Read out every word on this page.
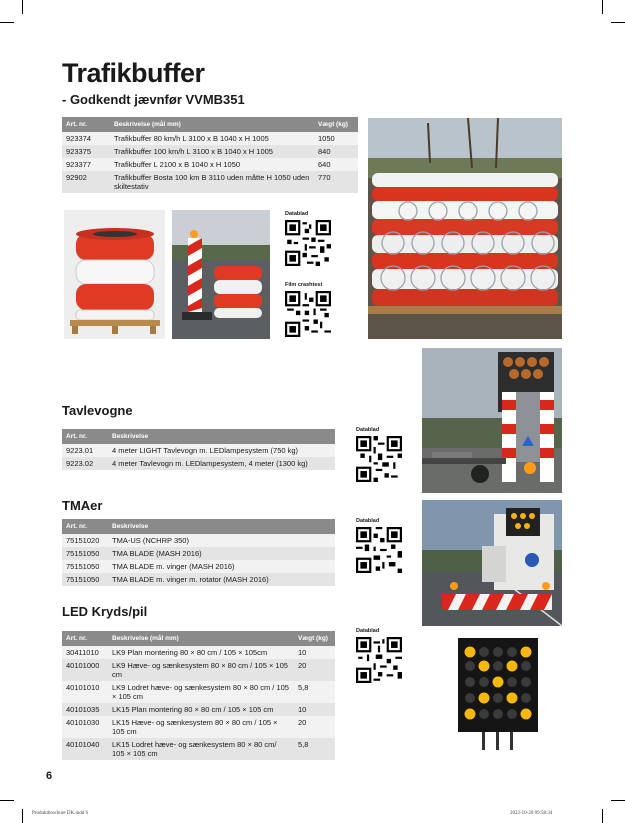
Trafikbuffer
- Godkendt jævnfør VVMB351
Art. nr.	Beskrivelse (mål mm)	Vægt (kg)
923374	Trafikbuffer 80 km/h L 3100 x B 1040 x H 1005	1050
923375	Trafikbuffer 100 km/h L 3100 x B 1040 x H 1005	840
923377	Trafikbuffer L 2100 x B 1040 x H 1050	640
92902	Trafikbuffer Bosta 100 km B 3110 uden måtte H 1050 uden skiltestativ	770
Datablad
Film crashtest
Tavlevogne
Art. nr.	Beskrivelse
9223.01	4 meter LIGHT Tavlevogn m. LEDlampesystem (750 kg)
9223.02	4 meter Tavlevogn m. LEDlampesystem, 4 meter (1300 kg)
Datablad
TMAer
Art. nr.	Beskrivelse
75151020	TMA-US (NCHRP 350)
75151050	TMA BLADE (MASH 2016)
75151050	TMA BLADE m. vinger (MASH 2016)
75151050	TMA BLADE m. vinger m. rotator (MASH 2016)
Datablad
LED Kryds/pil
Art. nr.	Beskrivelse (mål mm)	Vægt (kg)
30411010	LK9 Plan montering 80 × 80 cm / 105 × 105cm	10
40101000	LK9 Hæve- og sænkesystem 80 × 80 cm / 105 × 105 cm	20
40101010	LK9 Lodret hæve- og sænkesystem 80 × 80 cm / 105 × 105 cm	5,8
40101035	LK15 Plan montering 80 × 80 cm / 105 × 105 cm	10
40101030	LK15 Hæve- og sænkesystem 80 × 80 cm / 105 × 105 cm	20
40101040	LK15 Lodret hæve- og sænkesystem 80 × 80 cm/ 105 × 105 cm	5,8
Datablad
6
Produktbrochure DK.indd 6	2022-10-20 09:58:34
